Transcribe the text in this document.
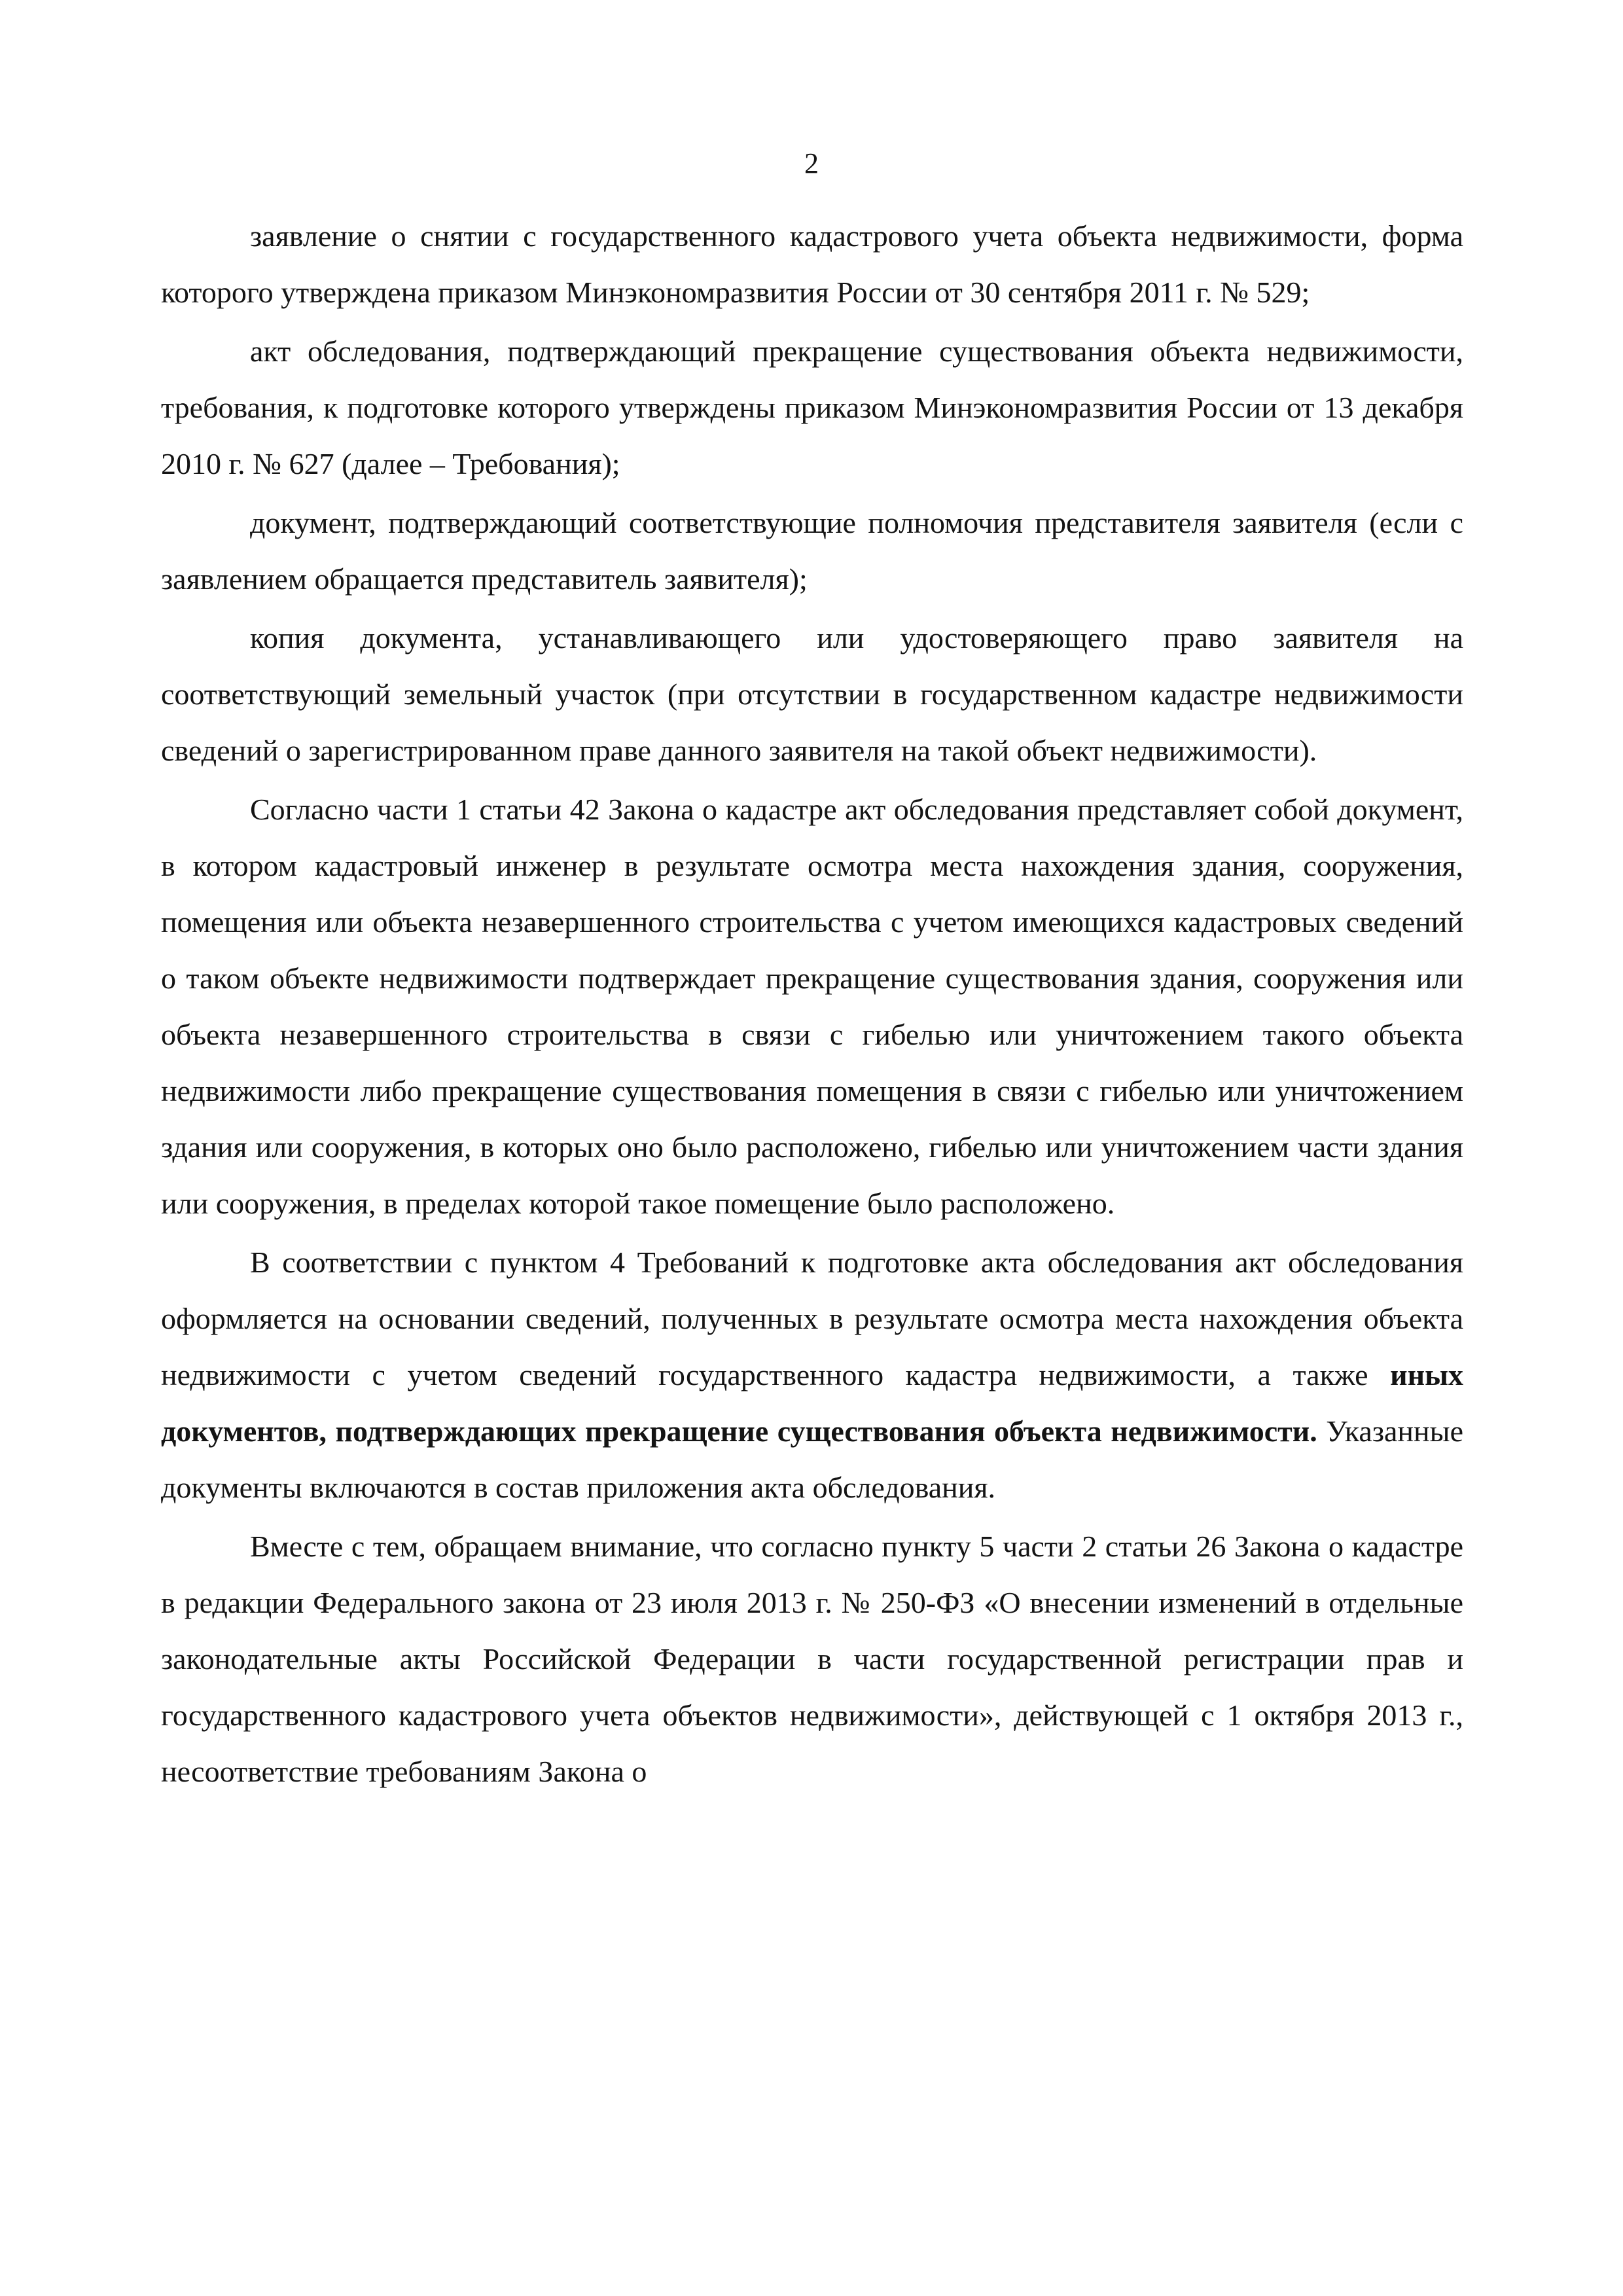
2

заявление о снятии с государственного кадастрового учета объекта недвижимости, форма которого утверждена приказом Минэкономразвития России от 30 сентября 2011 г. № 529;

акт обследования, подтверждающий прекращение существования объекта недвижимости, требования, к подготовке которого утверждены приказом Минэкономразвития России от 13 декабря 2010 г. № 627 (далее – Требования);

документ, подтверждающий соответствующие полномочия представителя заявителя (если с заявлением обращается представитель заявителя);

копия документа, устанавливающего или удостоверяющего право заявителя на соответствующий земельный участок (при отсутствии в государственном кадастре недвижимости сведений о зарегистрированном праве данного заявителя на такой объект недвижимости).

Согласно части 1 статьи 42 Закона о кадастре акт обследования представляет собой документ, в котором кадастровый инженер в результате осмотра места нахождения здания, сооружения, помещения или объекта незавершенного строительства с учетом имеющихся кадастровых сведений о таком объекте недвижимости подтверждает прекращение существования здания, сооружения или объекта незавершенного строительства в связи с гибелью или уничтожением такого объекта недвижимости либо прекращение существования помещения в связи с гибелью или уничтожением здания или сооружения, в которых оно было расположено, гибелью или уничтожением части здания или сооружения, в пределах которой такое помещение было расположено.

В соответствии с пунктом 4 Требований к подготовке акта обследования акт обследования оформляется на основании сведений, полученных в результате осмотра места нахождения объекта недвижимости с учетом сведений государственного кадастра недвижимости, а также иных документов, подтверждающих прекращение существования объекта недвижимости. Указанные документы включаются в состав приложения акта обследования.

Вместе с тем, обращаем внимание, что согласно пункту 5 части 2 статьи 26 Закона о кадастре в редакции Федерального закона от 23 июля 2013 г. № 250-ФЗ «О внесении изменений в отдельные законодательные акты Российской Федерации в части государственной регистрации прав и государственного кадастрового учета объектов недвижимости», действующей с 1 октября 2013 г., несоответствие требованиям Закона о
